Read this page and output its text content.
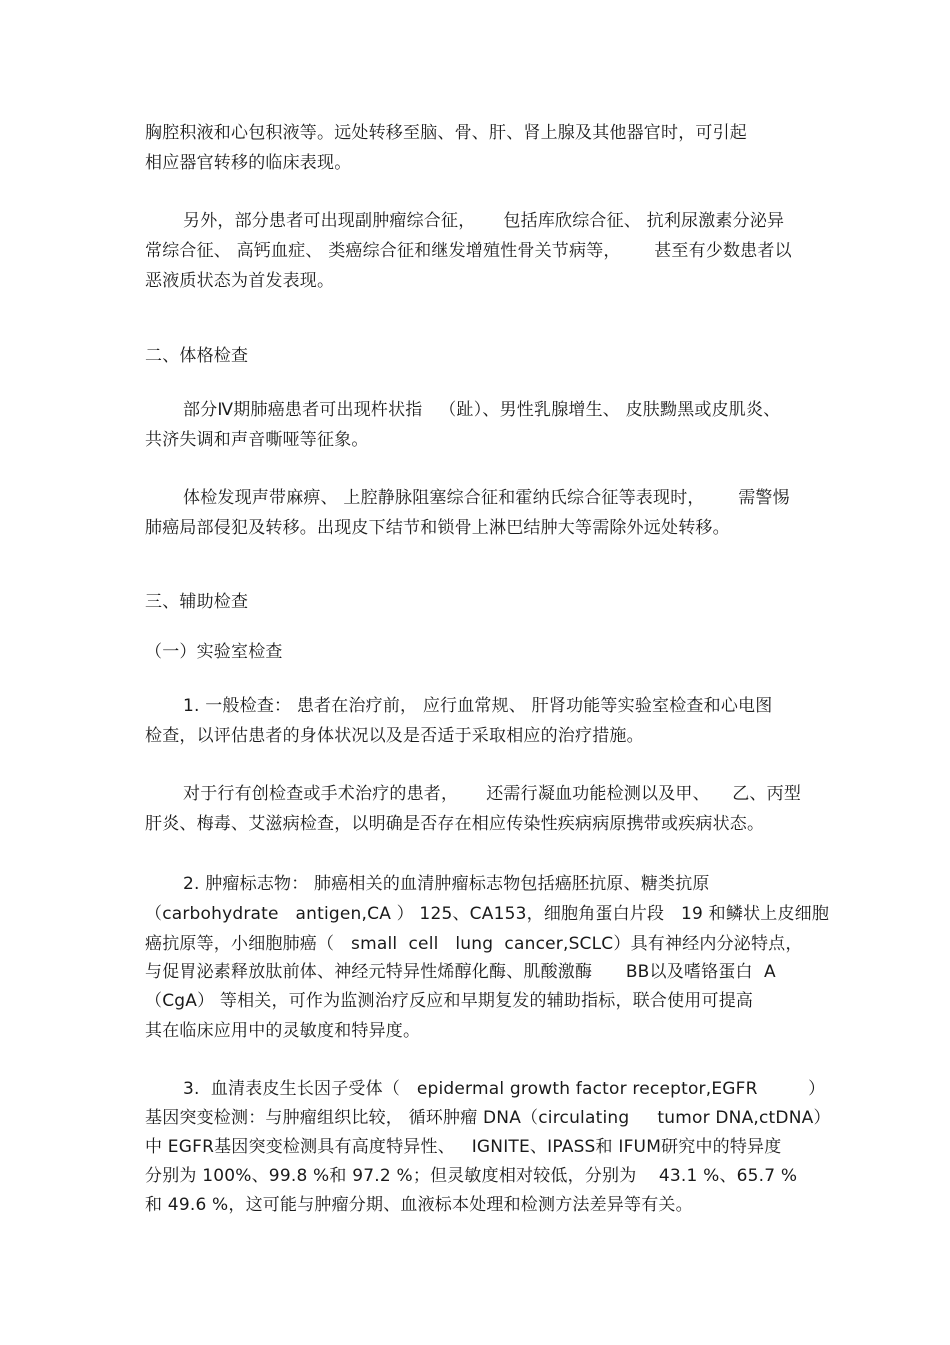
胸腔积液和心包积液等。远处转移至脑、骨、肝、肾上腺及其他器官时，可引起
相应器官转移的临床表现。
另外，部分患者可出现副肿瘤综合征，     包括库欣综合征、 抗利尿激素分泌异
常综合征、 高钙血症、 类癌综合征和继发增殖性骨关节病等，      甚至有少数患者以
恶液质状态为首发表现。
二、体格检查
部分Ⅳ期肺癌患者可出现杵状指   （趾）、男性乳腺增生、 皮肤黝黑或皮肌炎、
共济失调和声音嘶哑等征象。
体检发现声带麻痹、 上腔静脉阻塞综合征和霍纳氏综合征等表现时，      需警惕
肺癌局部侵犯及转移。出现皮下结节和锁骨上淋巴结肿大等需除外远处转移。
三、辅助检查
（一）实验室检查
1. 一般检查： 患者在治疗前， 应行血常规、 肝肾功能等实验室检查和心电图
检查，以评估患者的身体状况以及是否适于采取相应的治疗措施。
对于行有创检查或手术治疗的患者，     还需行凝血功能检测以及甲、    乙、丙型
肝炎、梅毒、艾滋病检查，以明确是否存在相应传染性疾病病原携带或疾病状态。
2. 肿瘤标志物： 肺癌相关的血清肿瘤标志物包括癌胚抗原、糖类抗原
（carbohydrate   antigen,CA ） 125、CA153，细胞角蛋白片段   19 和鳞状上皮细胞
癌抗原等，小细胞肺癌（   small  cell   lung  cancer,SCLC）具有神经内分泌特点，
与促胃泌素释放肽前体、神经元特异性烯醇化酶、肌酸激酶      BB以及嗜铬蛋白  A
（CgA） 等相关，可作为监测治疗反应和早期复发的辅助指标，联合使用可提高
其在临床应用中的灵敏度和特异度。
3.  血清表皮生长因子受体（   epidermal growth factor receptor,EGFR         ）
基因突变检测：与肿瘤组织比较， 循环肿瘤 DNA（circulating     tumor DNA,ctDNA）
中 EGFR基因突变检测具有高度特异性、   IGNITE、IPASS和 IFUM研究中的特异度
分别为 100%、99.8 %和 97.2 %；但灵敏度相对较低，分别为    43.1 %、65.7 %
和 49.6 %，这可能与肿瘤分期、血液标本处理和检测方法差异等有关。
